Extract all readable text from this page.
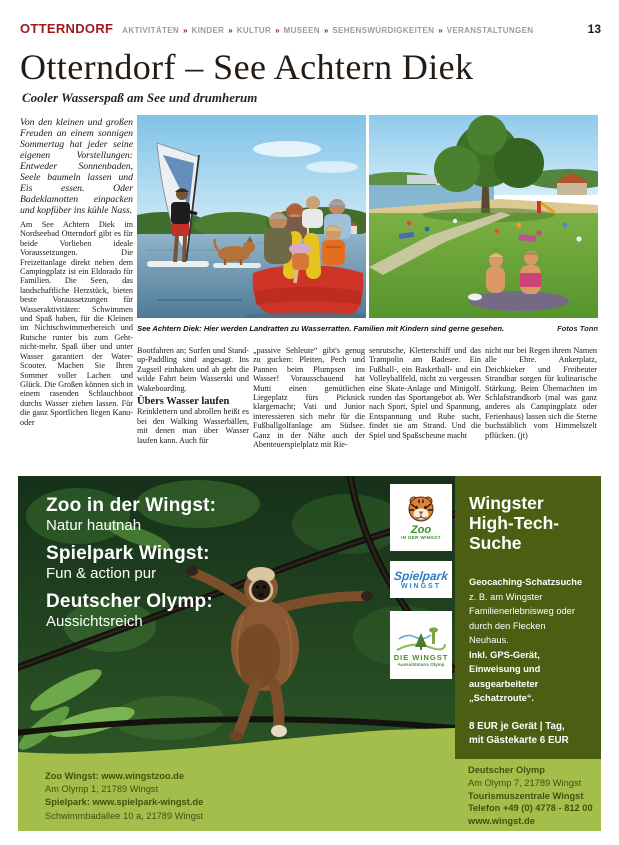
OTTERNDORF AKTIVITÄTEN » KINDER » KULTUR » MUSEEN » SEHENSWÜRDIGKEITEN » VERANSTALTUNGEN	13
Otterndorf – See Achtern Diek
Cooler Wasserspaß am See und drumherum
See Achtern Diek: Hier werden Landratten zu Wasserratten. Familien mit Kindern sind gerne gesehen.	Fotos Tonn

Von den kleinen und großen Freuden an einem sonnigen Sommertag hat jeder seine eigenen Vorstellungen: Entweder Sonnenbaden, Seele baumeln lassen und Eis essen. Oder Badeklamotten einpacken und kopfüber ins kühle Nass.

Am See Achtern Diek im Nordseebad Otterndorf gibt es für beide Vorlieben ideale Voraussetzungen. Die Freizeitanlage direkt neben dem Campingplatz ist ein Eldorado für Familien. Die Seen, das landschaftliche Herzstück, bieten beste Voraussetzungen für Wasseraktivitäten: Schwimmen und Spaß haben, für die Kleinen im Nichtschwimmerbereich und Rutsche runter bis zum Geht-nicht-mehr. Spaß über und unter Wasser garantiert der Water-Scooter. Machen Sie Ihren Sommer voller Lachen und Glück. Die Großen können sich in einem rasenden Schlauchboot durchs Wasser ziehen lassen. Für die ganz Sportlichen liegen Kanu- oder

Bootfahren an; Surfen und Stand-up-Paddling sind angesagt. Ins Zugseil einhaken und ab geht die wilde Fahrt beim Wasserski und Wakeboarding.

Übers Wasser laufen

Reinklettern und abrollen heißt es bei den Walking Wasserbällen, mit denen man über Wasser laufen kann. Auch für

„passive Sehleute“ gibt's genug zu gucken: Pleiten, Pech und Pannen beim Plumpsen ins Wasser! Vorausschauend hat Mutti einen gemütlichen Liegeplatz fürs Picknick klargemacht; Vati und Junior interessieren sich mehr für die Fußballgolfanlage am Südsee. Ganz in der Nähe auch der Abenteuerspielplatz mit Rie-

senrutsche, Kletterschiff und das Trampolin am Badesee. Ein Fußball-, ein Basketball- und ein Volleyballfeld, nicht zu vergessen eine Skate-Anlage und Minigolf. runden das Sportangebot ab. Wer nach Sport, Spiel und Spannung, Entspannung und Ruhe sucht, findet sie am Strand. Und die Spiel und Spaßscheune macht

nicht nur bei Regen ihrem Namen alle Ehre. Ankerplatz, Deichkieker und Freibeuter Strandbar sorgen für kulinarische Stärkung. Beim Übernachten im Schlafstrandkorb (mal was ganz anderes als Campingplatz oder Ferienhaus) lassen sich die Sterne buchstäblich vom Himmelszelt pflücken. (jt)

Zoo in der Wingst:
Natur hautnah
Spielpark Wingst:
Fun & action pur
Deutscher Olymp:
Aussichtsreich
Zoo
IN DER WINGST
Spielpark
WINGST
DIE WINGST
Aussichtsturm Olymp
Wingster High-Tech-Suche
Geocaching-Schatzsuche
z. B. am Wingster Familienerlebnisweg oder durch den Flecken Neuhaus.
Inkl. GPS-Gerät, Einweisung und ausgearbeiteter „Schatzroute“.
8 EUR je Gerät | Tag,
mit Gästekarte 6 EUR
Zoo Wingst: www.wingstzoo.de
Am Olymp 1, 21789 Wingst
Spielpark: www.spielpark-wingst.de
Schwimmbadallee 10 a, 21789 Wingst
Deutscher Olymp
Am Olymp 7, 21789 Wingst
Tourismuszentrale Wingst
Telefon +49 (0) 4778 - 812 00
www.wingst.de
